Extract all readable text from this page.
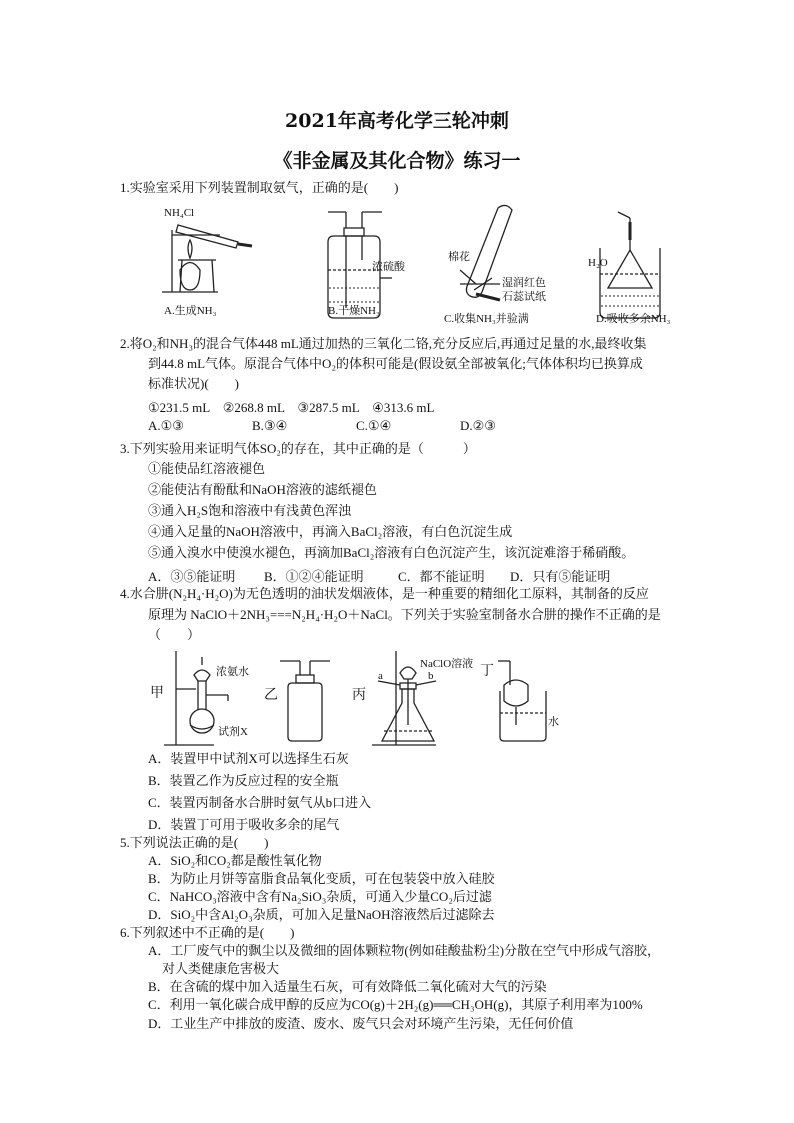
2021年高考化学三轮冲刺
《非金属及其化合物》练习一
1.实验室采用下列装置制取氨气，正确的是(　　)
NH₄Cl
A.生成NH₃
浓硫酸
B.干燥NH₃
棉花
湿润红色
石蕊试纸
C.收集NH₃并验满
H₂O
D.吸收多余NH₃
2.将O₂和NH₃的混合气体448 mL通过加热的三氧化二铬,充分反应后,再通过足量的水,最终收集
到44.8 mL气体。原混合气体中O₂的体积可能是(假设氨全部被氧化;气体体积均已换算成
标准状况)(　　)
①231.5 mL　②268.8 mL　③287.5 mL　④313.6 mL
A.①③	B.③④	C.①④	D.②③
3.下列实验用来证明气体SO₂的存在，其中正确的是（　　　）
①能使品红溶液褪色
②能使沾有酚酞和NaOH溶液的滤纸褪色
③通入H₂S饱和溶液中有浅黄色浑浊
④通入足量的NaOH溶液中，再滴入BaCl₂溶液，有白色沉淀生成
⑤通入溴水中使溴水褪色，再滴加BaCl₂溶液有白色沉淀产生，该沉淀难溶于稀硝酸。
A．③⑤能证明 B．①②④能证明	C．都不能证明 D．只有⑤能证明
4.水合肼(N₂H₄·H₂O)为无色透明的油状发烟液体，是一种重要的精细化工原料，其制备的反应
原理为 NaClO＋2NH₃===N₂H₄·H₂O＋NaCl。下列关于实验室制备水合肼的操作不正确的是
（　　）
甲
浓氨水
试剂X
乙	丙
NaClO溶液
a	b	丁
水
A．装置甲中试剂X可以选择生石灰
B．装置乙作为反应过程的安全瓶
C．装置丙制备水合肼时氨气从b口进入
D．装置丁可用于吸收多余的尾气
5.下列说法正确的是(　　)
A．SiO₂和CO₂都是酸性氧化物
B．为防止月饼等富脂食品氧化变质，可在包装袋中放入硅胶
C．NaHCO₃溶液中含有Na₂SiO₃杂质，可通入少量CO₂后过滤
D．SiO₂中含Al₂O₃杂质，可加入足量NaOH溶液然后过滤除去
6.下列叙述中不正确的是(　　)
A．工厂废气中的飘尘以及微细的固体颗粒物(例如硅酸盐粉尘)分散在空气中形成气溶胶，
对人类健康危害极大
B．在含硫的煤中加入适量生石灰，可有效降低二氧化硫对大气的污染
C．利用一氧化碳合成甲醇的反应为CO(g)＋2H₂(g)══CH₃OH(g)，其原子利用率为100%
D．工业生产中排放的废渣、废水、废气只会对环境产生污染，无任何价值
